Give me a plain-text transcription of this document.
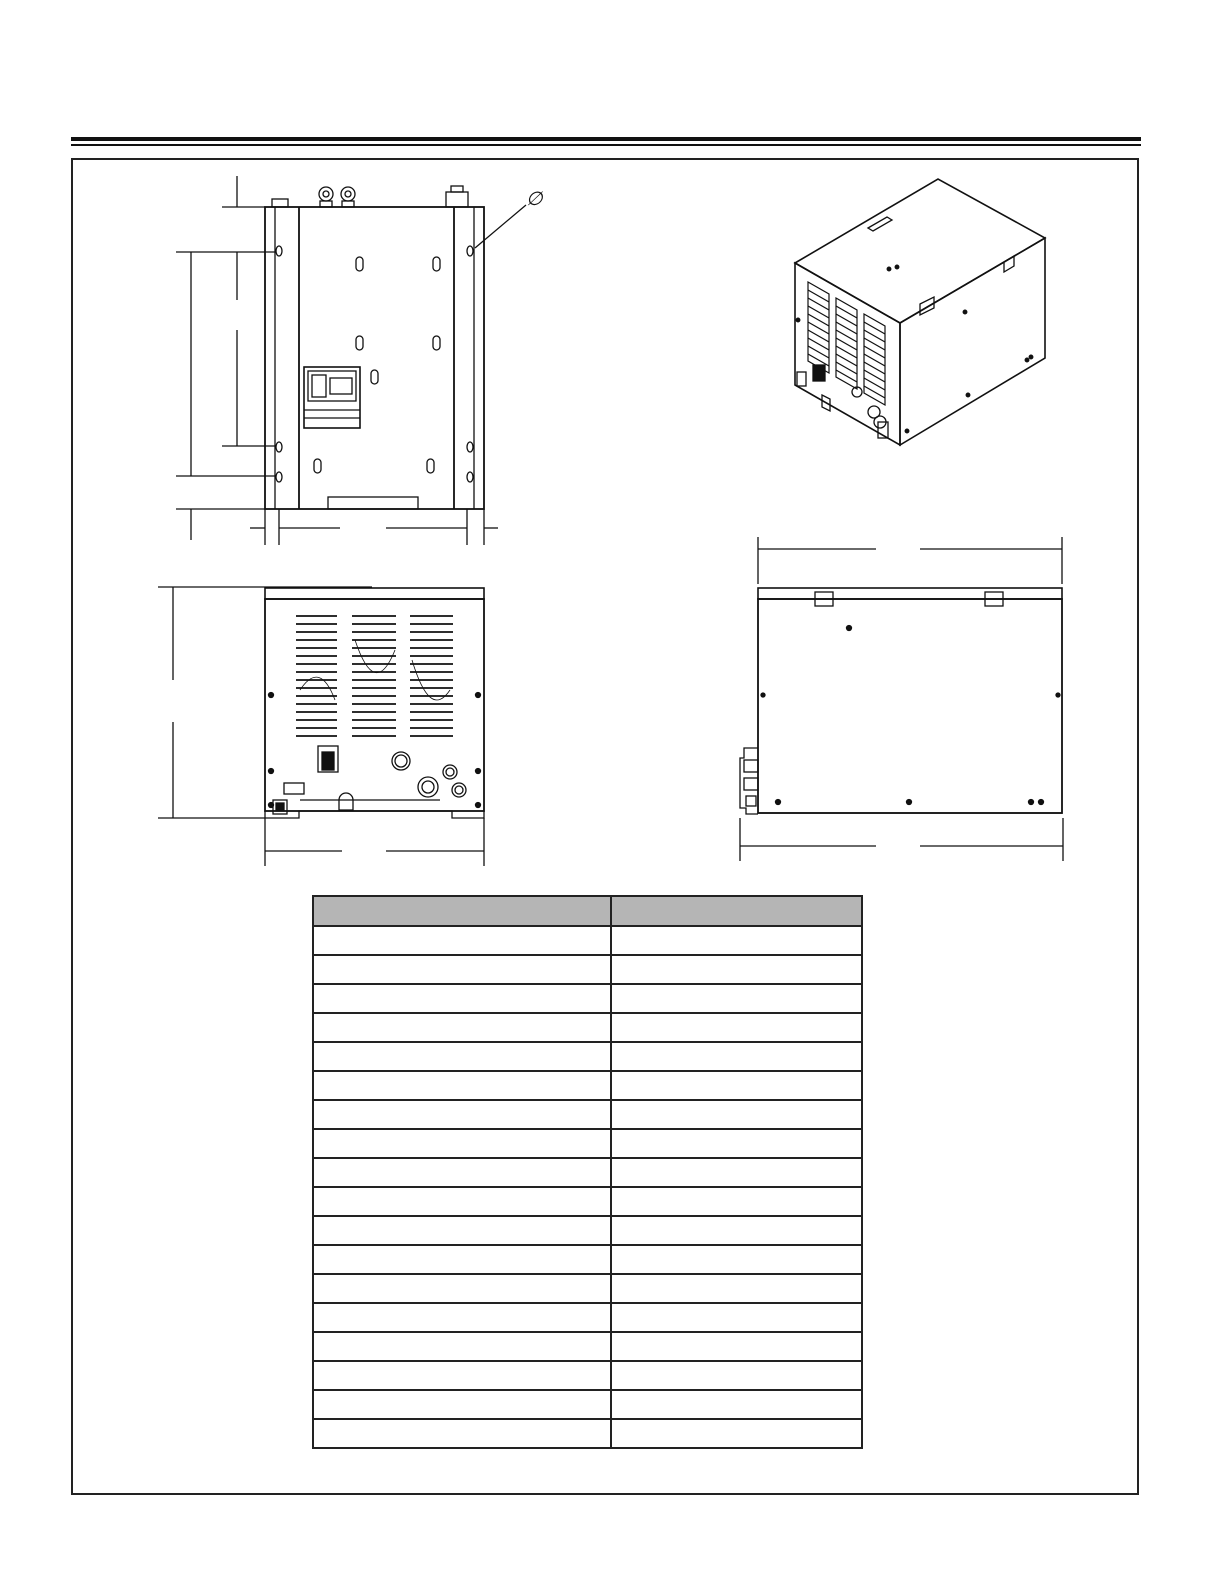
∅
